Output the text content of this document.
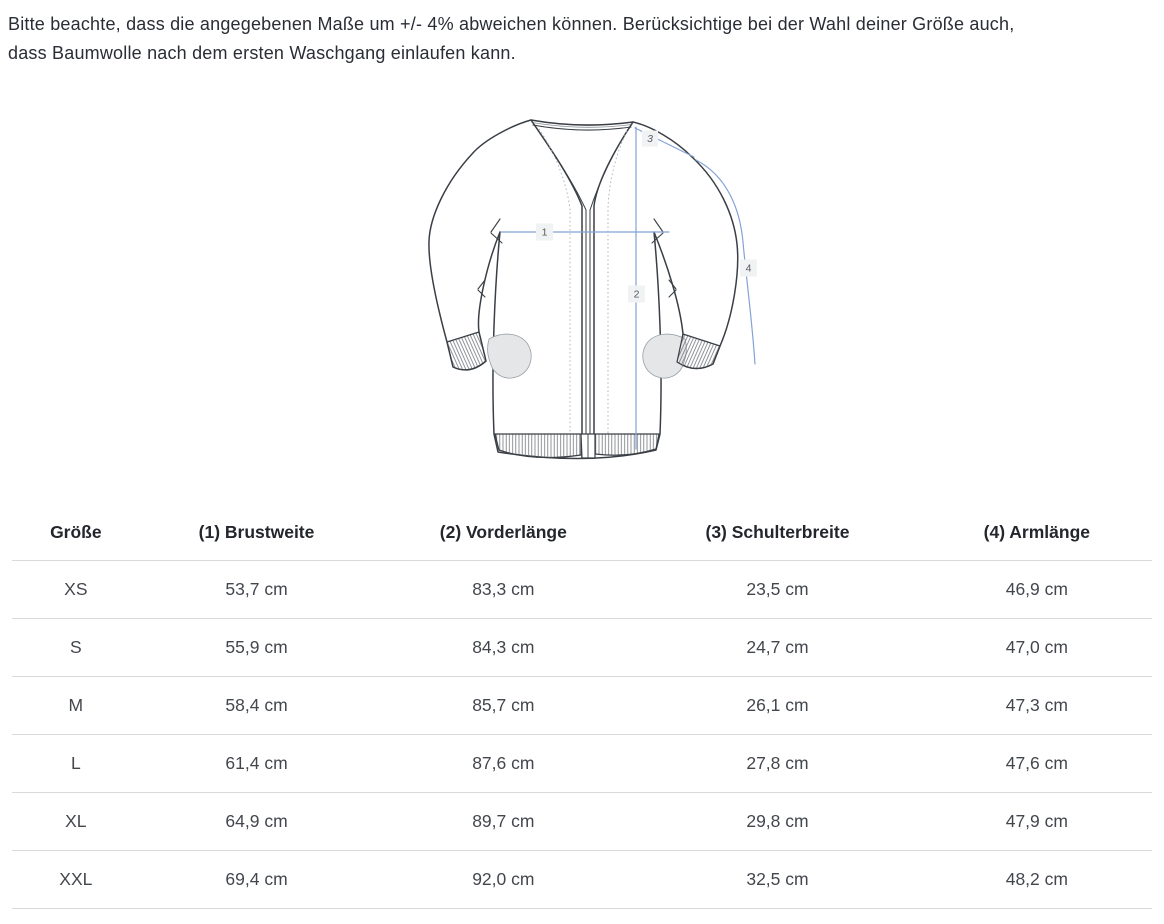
Bitte beachte, dass die angegebenen Maße um +/- 4% abweichen können. Berücksichtige bei der Wahl deiner Größe auch,
dass Baumwolle nach dem ersten Waschgang einlaufen kann.

1
2
3
4
Größe	(1) Brustweite	(2) Vorderlänge	(3) Schulterbreite	(4) Armlänge
XS	53,7 cm	83,3 cm	23,5 cm	46,9 cm
S	55,9 cm	84,3 cm	24,7 cm	47,0 cm
M	58,4 cm	85,7 cm	26,1 cm	47,3 cm
L	61,4 cm	87,6 cm	27,8 cm	47,6 cm
XL	64,9 cm	89,7 cm	29,8 cm	47,9 cm
XXL	69,4 cm	92,0 cm	32,5 cm	48,2 cm
